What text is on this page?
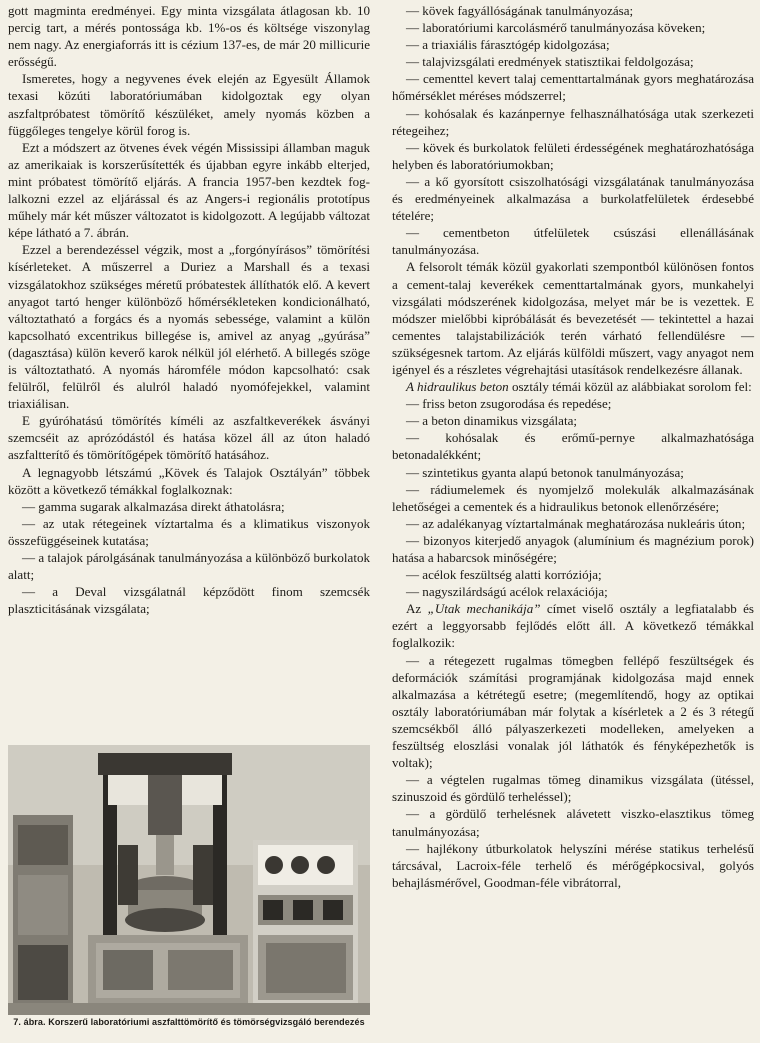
gott magminta eredményei. Egy minta vizsgálata átlagosan kb. 10 percig tart, a mérés pontossága kb. 1%-os és költsége viszonylag nem nagy. Az energiaforrás itt is cézium 137-es, de már 20 millicurie erősségű.

Ismeretes, hogy a negyvenes évek elején az Egyesült Államok texasi közúti laboratóriumában kidolgoztak egy olyan aszfaltpróbatest tömörítő készüléket, amely nyomás közben a függőleges tengelye körül forog is.

Ezt a módszert az ötvenes évek végén Mississipi államban maguk az amerikaiak is korszerűsítették és újabban egyre inkább elterjed, mint próbatest tömörítő eljárás. A francia 1957-ben kezdtek foglalkozni ezzel az eljárással és az Angers-i regionális prototípus műhely már két műszer változatot is kidolgozott. A legújabb változat képe látható a 7. ábrán.

Ezzel a berendezéssel végzik, most a „forgónyírásos” tömörítési kísérleteket. A műszerrel a Duriez a Marshall és a texasi vizsgálatokhoz szükséges méretű próbatestek állíthatók elő. A kevert anyagot tartó henger különböző hőmérsékleteken kondicionálható, változtatható a forgács és a nyomás sebessége, valamint a külön kapcsolható excentrikus billegése is, amivel az anyag „gyúrása” (dagasztása) külön keverő karok nélkül jól elérhető. A billegés szöge is változtatható. A nyomás háromféle módon kapcsolható: csak felülről, felülről és alulról haladó nyomófejekkel, valamint triaxiálisan.

E gyúróhatású tömörítés kíméli az aszfaltkeverékek ásványi szemcséit az aprózódástól és hatása közel áll az úton haladó aszfaltterítő és tömörítőgépek tömörítő hatásához.

A legnagyobb létszámú „Kövek és Talajok Osztályán” többek között a következő témákkal foglalkoznak:

— gamma sugarak alkalmazása direkt áthatolásra;

— az utak rétegeinek víztartalma és a klimatikus viszonyok összefüggéseinek kutatása;

— a talajok párolgásának tanulmányozása a különböző burkolatok alatt;

— a Deval vizsgálatnál képződött finom szemcsék plaszticitásának vizsgálata;

7. ábra. Korszerű laboratóriumi aszfalttömörítő és tömörségvizsgáló berendezés

— kövek fagyállóságának tanulmányozása;

— laboratóriumi karcolásmérő tanulmányozása köveken;

— a triaxiális fárasztógép kidolgozása;

— talajvizsgálati eredmények statisztikai feldolgozása;

— cementtel kevert talaj cementtartalmának gyors meghatározása hőmérséklet méréses módszerrel;

— kohósalak és kazánpernye felhasználhatósága utak szerkezeti rétegeihez;

— kövek és burkolatok felületi érdességének meghatározhatósága helyben és laboratóriumokban;

— a kő gyorsított csiszolhatósági vizsgálatának tanulmányozása és eredményeinek alkalmazása a burkolatfelületek érdesebbé tételére;

— cementbeton útfelületek csúszási ellenállásának tanulmányozása.

A felsorolt témák közül gyakorlati szempontból különösen fontos a cement-talaj keverékek cementtartalmának gyors, munkahelyi vizsgálati módszerének kidolgozása, melyet már be is vezettek. E módszer mielőbbi kipróbálását és bevezetését — tekintettel a hazai cementes talajstabilizációk terén várható fellendülésre — szükségesnek tartom. Az eljárás külföldi műszert, vagy anyagot nem igényel és a részletes végrehajtási utasítások rendelkezésre állanak.

A hidraulikus beton osztály témái közül az alábbiakat sorolom fel:

— friss beton zsugorodása és repedése;

— a beton dinamikus vizsgálata;

— kohósalak és erőmű-pernye alkalmazhatósága betonadalékként;

— szintetikus gyanta alapú betonok tanulmányozása;

— rádiumelemek és nyomjelző molekulák alkalmazásának lehetőségei a cementek és a hidraulikus betonok ellenőrzésére;

— az adalékanyag víztartalmának meghatározása nukleáris úton;

— bizonyos kiterjedő anyagok (alumínium és magnézium porok) hatása a habarcsok minőségére;

— acélok feszültség alatti korróziója;

— nagyszilárdságú acélok relaxációja;

Az „Utak mechanikája” címet viselő osztály a legfiatalabb és ezért a leggyorsabb fejlődés előtt áll. A következő témákkal foglalkozik:

— a rétegezett rugalmas tömegben fellépő feszültségek és deformációk számítási programjának kidolgozása majd ennek alkalmazása a kétrétegű esetre; (megemlítendő, hogy az optikai osztály laboratóriumában már folytak a kísérletek a 2 és 3 rétegű szemcsékből álló pályaszerkezeti modelleken, amelyeken a feszültség eloszlási vonalak jól láthatók és fényképezhetők is voltak);

— a végtelen rugalmas tömeg dinamikus vizsgálata (ütéssel, szinuszoid és gördülő terheléssel);

— a gördülő terhelésnek alávetett viszko-elasztikus tömeg tanulmányozása;

— hajlékony útburkolatok helyszíni mérése statikus terhelésű tárcsával, Lacroix-féle terhelő és mérőgépkocsival, golyós behajlásmérővel, Goodman-féle vibrátorral,
